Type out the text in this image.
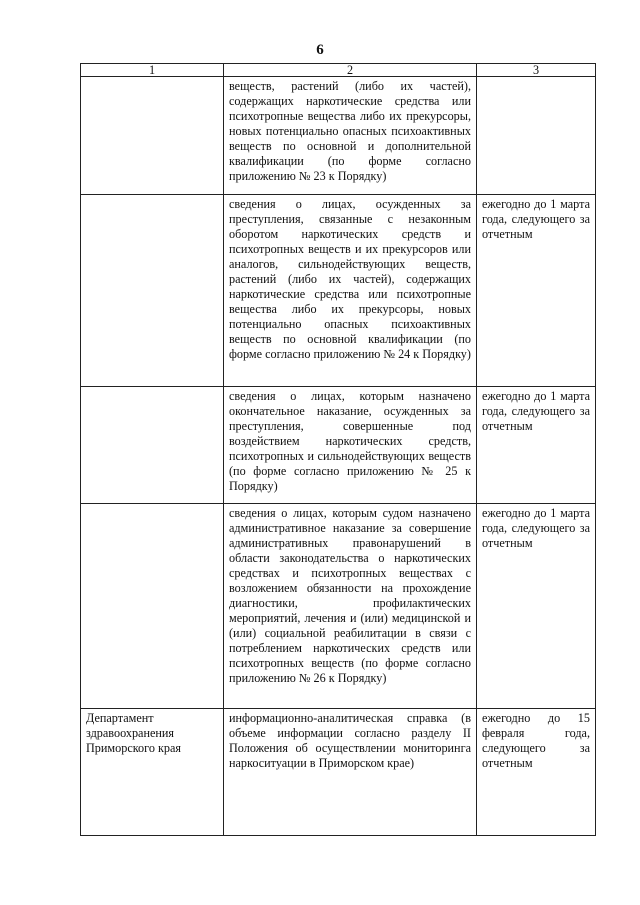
6
1	2	3
	веществ, растений (либо их частей), содержащих наркотические средства или психотропные вещества либо их прекурсоры, новых потенциально опасных психоактивных веществ по основной и дополнительной квалификации (по форме согласно приложению № 23 к Порядку)	
	сведения о лицах, осужденных за преступления, связанные с незаконным оборотом наркотических средств и психотропных веществ и их прекурсоров или аналогов, сильнодействующих веществ, растений (либо их частей), содержащих наркотические средства или психотропные вещества либо их прекурсоры, новых потенциально опасных психоактивных веществ по основной квалификации (по форме согласно приложению № 24 к Порядку)	ежегодно до 1 марта года, следующего за отчетным
	сведения о лицах, которым назначено окончательное наказание, осужденных за преступления, совершенные под воздействием наркотических средств, психотропных и сильнодействующих веществ (по форме согласно приложению № 25 к Порядку)	ежегодно до 1 марта года, следующего за отчетным
	сведения о лицах, которым судом назначено административное наказание за совершение административных правонарушений в области законодательства о наркотических средствах и психотропных веществах с возложением обязанности на прохождение диагностики, профилактических мероприятий, лечения и (или) медицинской и (или) социальной реабилитации в связи с потреблением наркотических средств или психотропных веществ (по форме согласно приложению № 26 к Порядку)	ежегодно до 1 марта года, следующего за отчетным
Департамент здравоохранения Приморского края	информационно-аналитическая справка (в объеме информации согласно разделу II Положения об осуществлении мониторинга наркоситуации в Приморском крае)	ежегодно до 15 февраля года, следующего за отчетным
